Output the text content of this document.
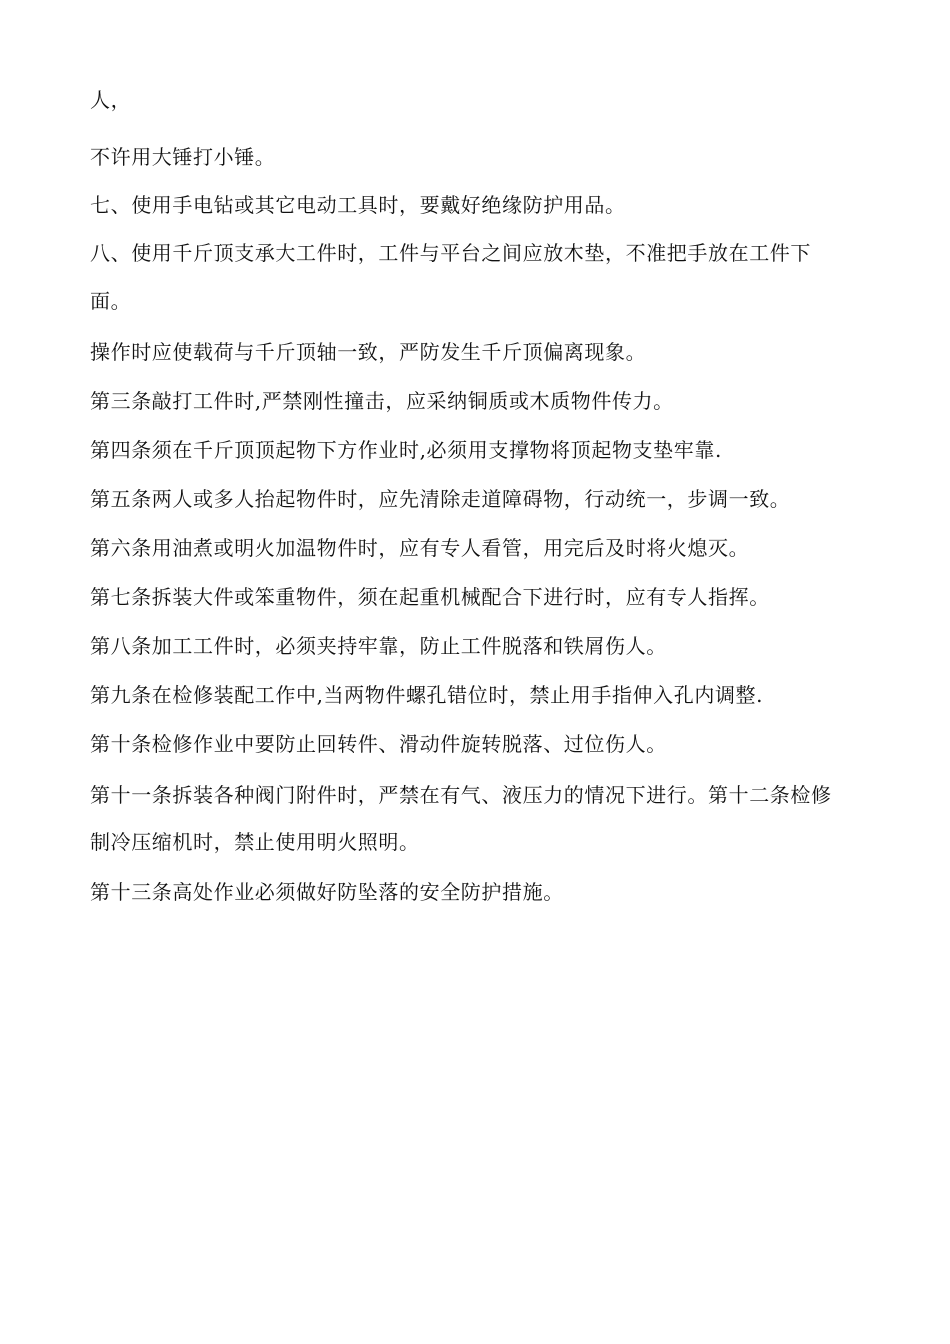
人，
不许用大锤打小锤。
七、使用手电钻或其它电动工具时，要戴好绝缘防护用品。
八、使用千斤顶支承大工件时，工件与平台之间应放木垫，不准把手放在工件下
面。
操作时应使载荷与千斤顶轴一致，严防发生千斤顶偏离现象。
第三条敲打工件时,严禁刚性撞击，应采纳铜质或木质物件传力。
第四条须在千斤顶顶起物下方作业时,必须用支撑物将顶起物支垫牢靠.
第五条两人或多人抬起物件时，应先清除走道障碍物，行动统一，步调一致。
第六条用油煮或明火加温物件时，应有专人看管，用完后及时将火熄灭。
第七条拆装大件或笨重物件，须在起重机械配合下进行时，应有专人指挥。
第八条加工工件时，必须夹持牢靠，防止工件脱落和铁屑伤人。
第九条在检修装配工作中,当两物件螺孔错位时，禁止用手指伸入孔内调整.
第十条检修作业中要防止回转件、滑动件旋转脱落、过位伤人。
第十一条拆装各种阀门附件时，严禁在有气、液压力的情况下进行。第十二条检修
制冷压缩机时，禁止使用明火照明。
第十三条高处作业必须做好防坠落的安全防护措施。
